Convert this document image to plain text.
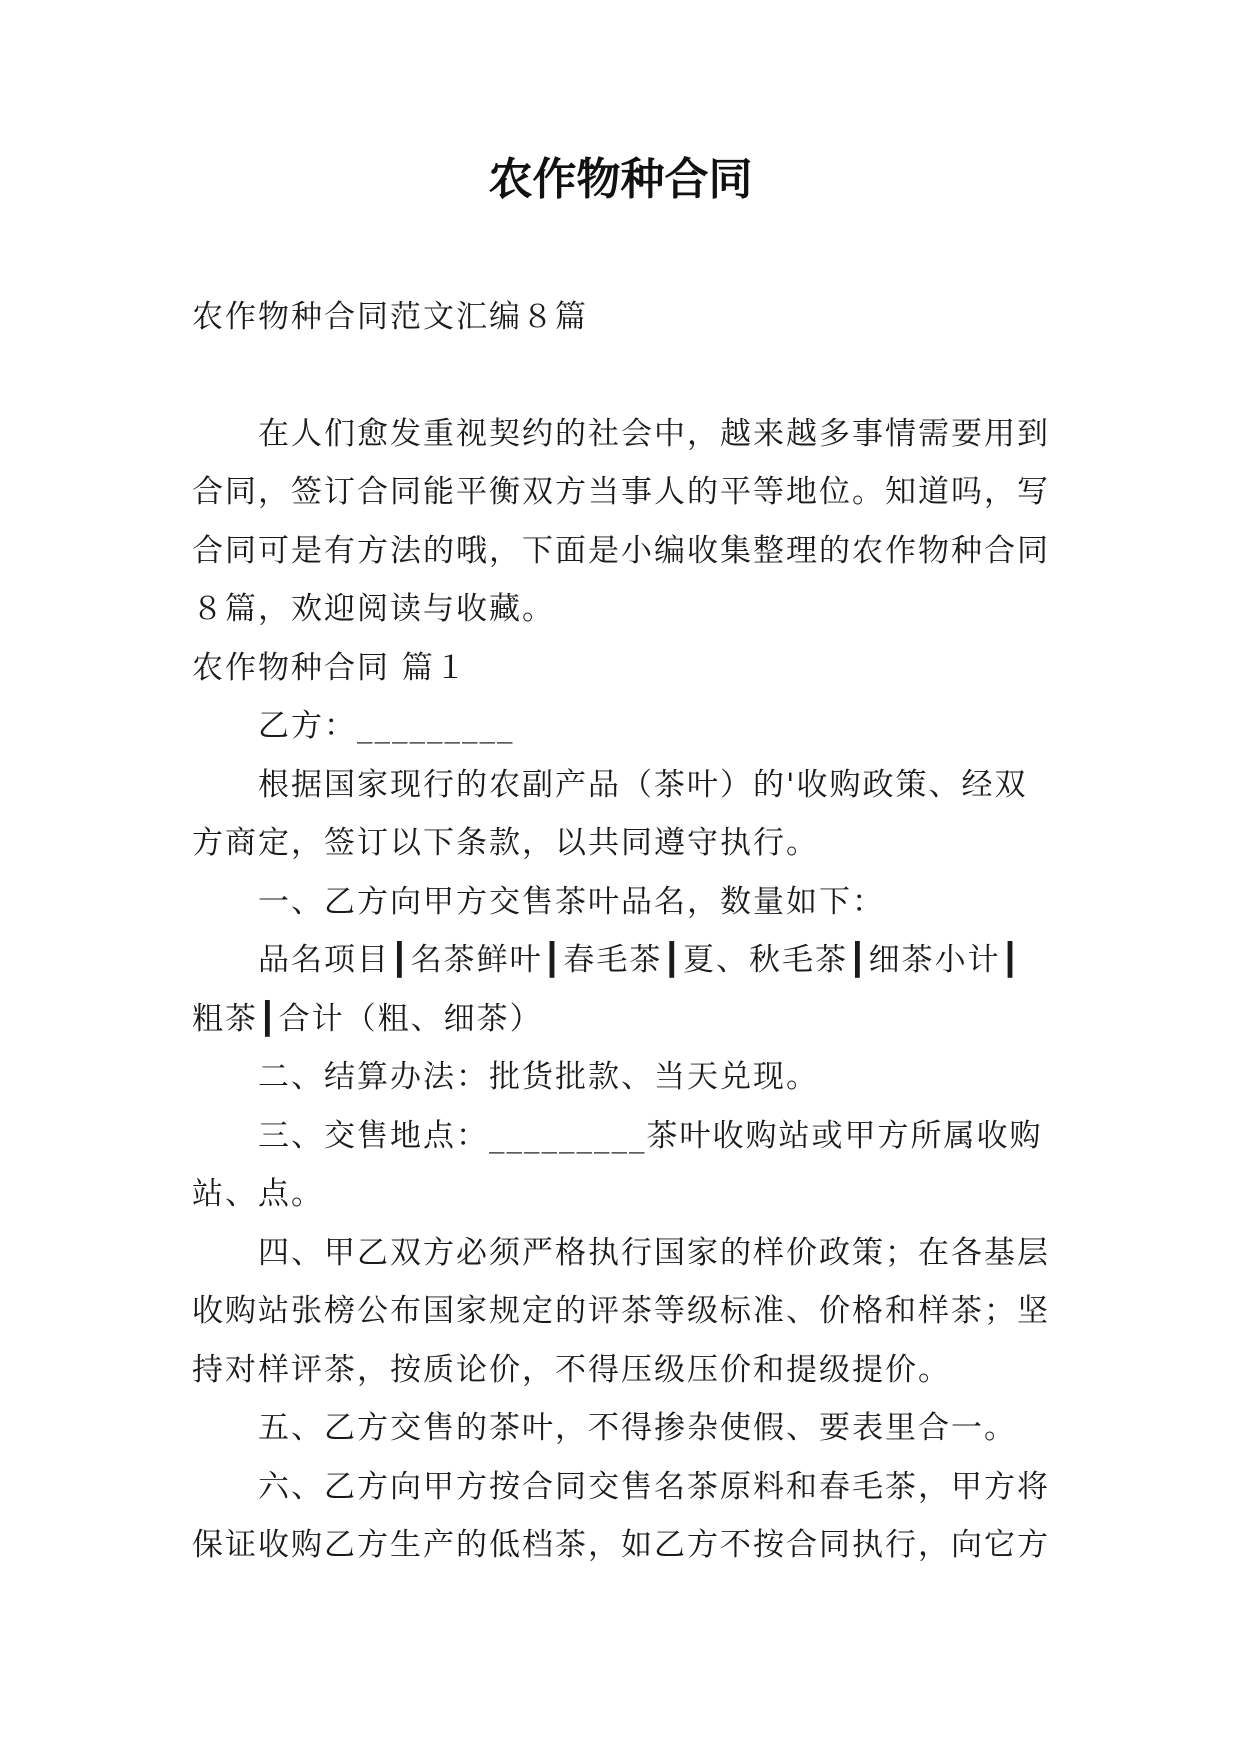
农作物种合同

农作物种合同范文汇编８篇

在人们愈发重视契约的社会中，越来越多事情需要用到合同，签订合同能平衡双方当事人的平等地位。知道吗，写合同可是有方法的哦，下面是小编收集整理的农作物种合同８篇，欢迎阅读与收藏。

农作物种合同 篇１

乙方：_________

根据国家现行的农副产品（茶叶）的'收购政策、经双方商定，签订以下条款，以共同遵守执行。

一、乙方向甲方交售茶叶品名，数量如下：

品名项目┃名茶鲜叶┃春毛茶┃夏、秋毛茶┃细茶小计┃粗茶┃合计（粗、细茶）

二、结算办法：批货批款、当天兑现。

三、交售地点：_________茶叶收购站或甲方所属收购站、点。

四、甲乙双方必须严格执行国家的样价政策；在各基层收购站张榜公布国家规定的评茶等级标准、价格和样茶；坚持对样评茶，按质论价，不得压级压价和提级提价。

五、乙方交售的茶叶，不得掺杂使假、要表里合一。

六、乙方向甲方按合同交售名茶原料和春毛茶，甲方将保证收购乙方生产的低档茶，如乙方不按合同执行，向它方
